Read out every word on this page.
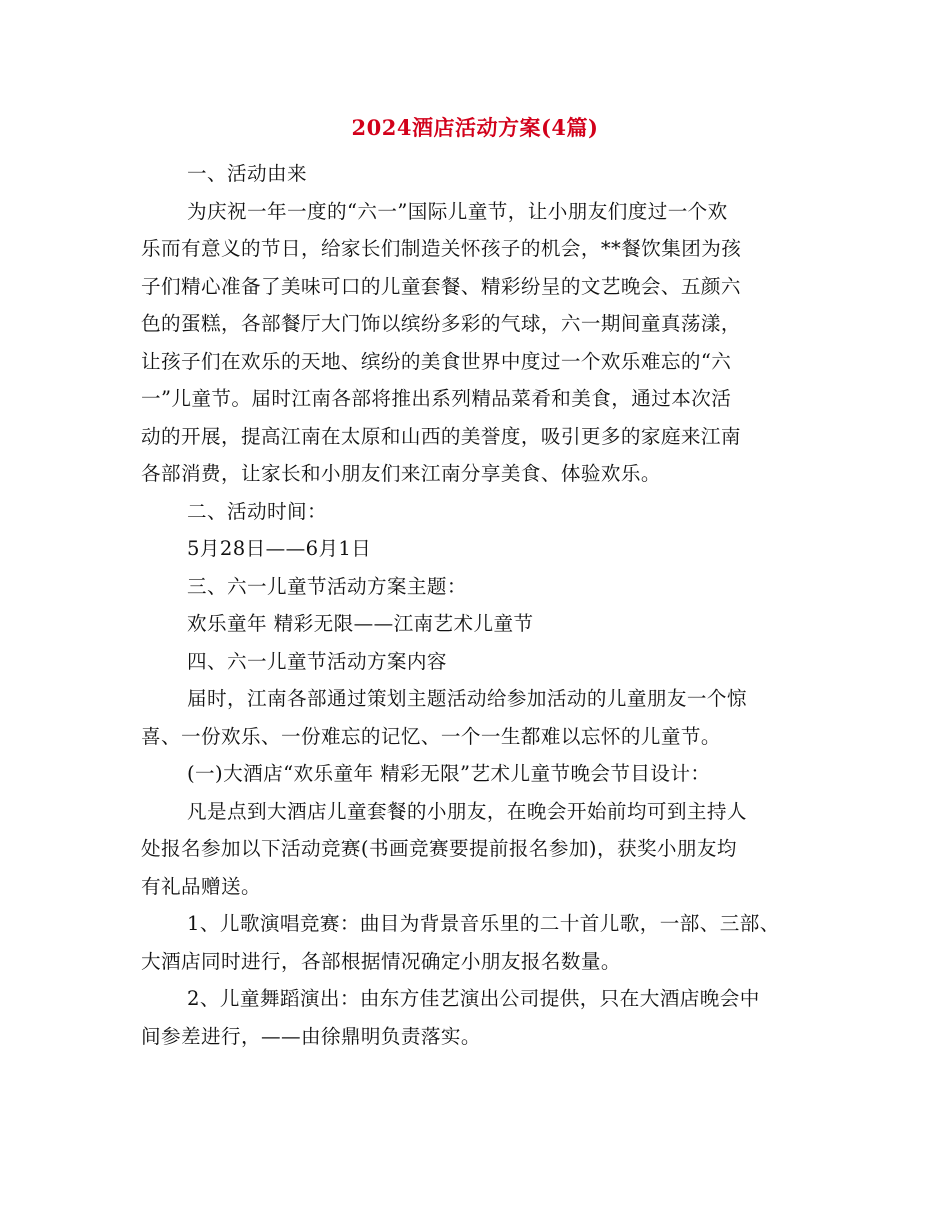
2024酒店活动方案(4篇)
一、活动由来
为庆祝一年一度的“六一”国际儿童节，让小朋友们度过一个欢
乐而有意义的节日，给家长们制造关怀孩子的机会，**餐饮集团为孩
子们精心准备了美味可口的儿童套餐、精彩纷呈的文艺晚会、五颜六
色的蛋糕，各部餐厅大门饰以缤纷多彩的气球，六一期间童真荡漾，
让孩子们在欢乐的天地、缤纷的美食世界中度过一个欢乐难忘的“六
一”儿童节。届时江南各部将推出系列精品菜肴和美食，通过本次活
动的开展，提高江南在太原和山西的美誉度，吸引更多的家庭来江南
各部消费，让家长和小朋友们来江南分享美食、体验欢乐。
二、活动时间：
5月28日——6月1日
三、六一儿童节活动方案主题：
欢乐童年 精彩无限——江南艺术儿童节
四、六一儿童节活动方案内容
届时，江南各部通过策划主题活动给参加活动的儿童朋友一个惊
喜、一份欢乐、一份难忘的记忆、一个一生都难以忘怀的儿童节。
(一)大酒店“欢乐童年 精彩无限”艺术儿童节晚会节目设计：
凡是点到大酒店儿童套餐的小朋友，在晚会开始前均可到主持人
处报名参加以下活动竞赛(书画竞赛要提前报名参加)，获奖小朋友均
有礼品赠送。
1、儿歌演唱竞赛：曲目为背景音乐里的二十首儿歌，一部、三部、
大酒店同时进行，各部根据情况确定小朋友报名数量。
2、儿童舞蹈演出：由东方佳艺演出公司提供，只在大酒店晚会中
间参差进行，——由徐鼎明负责落实。
